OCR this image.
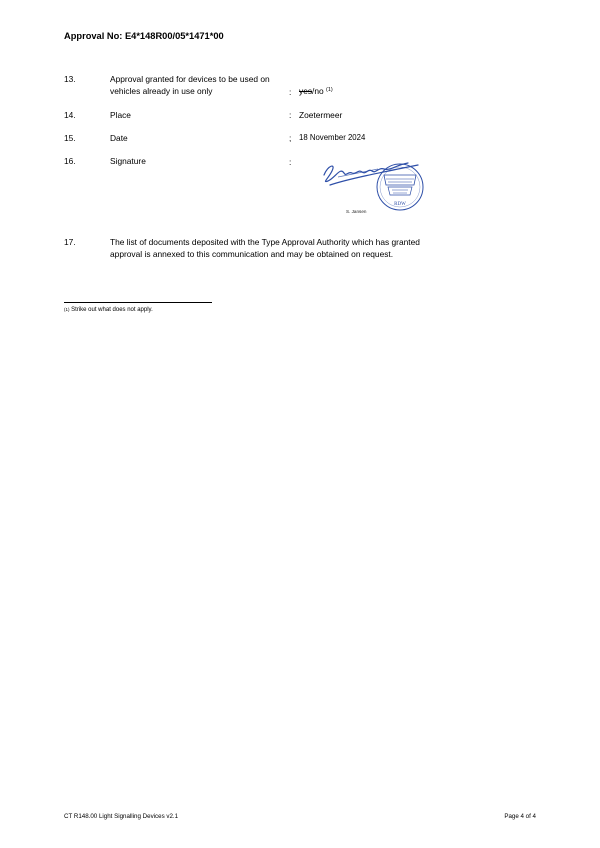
Approval No: E4*148R00/05*1471*00
13.	Approval granted for devices to be used on
vehicles already in use only	: yes/no $^{(1)}$
14.	Place	: Zoetermeer
15.	Date	; 18 November 2024
16.	Signature	:
RDW
S. Jansen
17.	The list of documents deposited with the Type Approval Authority which has granted
approval is annexed to this communication and may be obtained on request.
$^{(1)}$ Strike out what does not apply.
CT R148.00 Light Signalling Devices v2.1	Page 4 of 4
